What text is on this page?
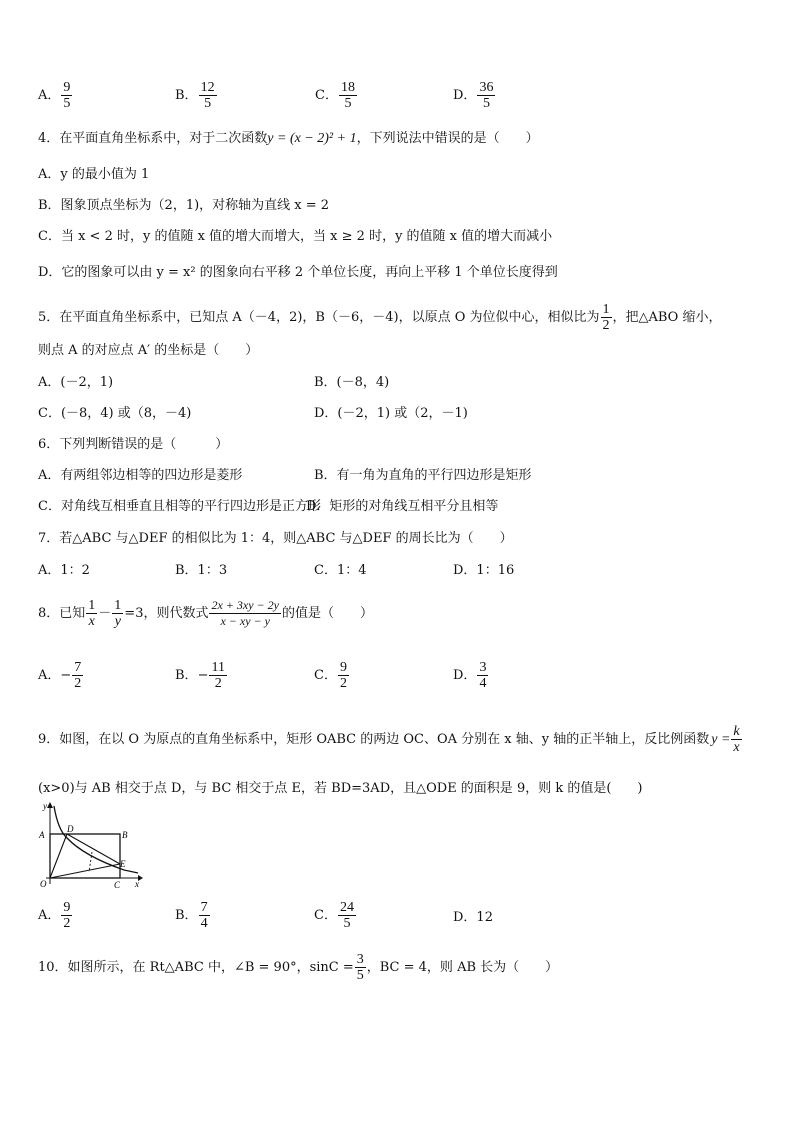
A． $\frac{9}{5}$	B． $\frac{12}{5}$	C． $\frac{18}{5}$	D． $\frac{36}{5}$
4．在平面直角坐标系中，对于二次函数y = (x − 2)² + 1，下列说法中错误的是（　　）
A．y 的最小值为 1
B．图象顶点坐标为（2，1)，对称轴为直线 x = 2
C．当 x < 2 时，y 的值随 x 值的增大而增大，当 x ≥ 2 时，y 的值随 x 值的增大而减小
D．它的图象可以由 y = x² 的图象向右平移 2 个单位长度，再向上平移 1 个单位长度得到
5．在平面直角坐标系中，已知点 A（－4，2)，B（－6，－4)，以原点 O 为位似中心，相似比为 $\frac{1}{2}$ ，把△ABO 缩小，
则点 A 的对应点 A′ 的坐标是（　　）
A．(－2，1)	B．(－8，4)
C．(－8，4) 或（8，－4)	D．(－2，1) 或（2，－1)
6．下列判断错误的是（　　　）
A．有两组邻边相等的四边形是菱形	B．有一角为直角的平行四边形是矩形
C．对角线互相垂直且相等的平行四边形是正方形
D．矩形的对角线互相平分且相等
7．若△ABC 与△DEF 的相似比为 1：4，则△ABC 与△DEF 的周长比为（　　）
A．1：2	B．1：3	C．1：4	D．1：16
8．已知 $\frac{1}{x} - \frac{1}{y} =3$，则代数式 $\frac{2x + 3xy - 2y}{x - xy - y}$ 的值是（　　）
A． − $\frac{7}{2}$	B． − $\frac{11}{2}$	C． $\frac{9}{2}$	D． $\frac{3}{4}$
9．如图，在以 O 为原点的直角坐标系中，矩形 OABC 的两边 OC、OA 分别在 x 轴、y 轴的正半轴上，反比例函数 $y = \frac{k}{x}$
(x>0)与 AB 相交于点 D，与 BC 相交于点 E，若 BD=3AD，且△ODE 的面积是 9，则 k 的值是(　　)
y
x
A	B
C
D
E
O
A． $\frac{9}{2}$	B． $\frac{7}{4}$	C． $\frac{24}{5}$	D．12
10．如图所示，在 Rt△ABC 中，∠B = 90°，$\sin C = \frac{3}{5}$ ，BC = 4，则 AB 长为（　　）
